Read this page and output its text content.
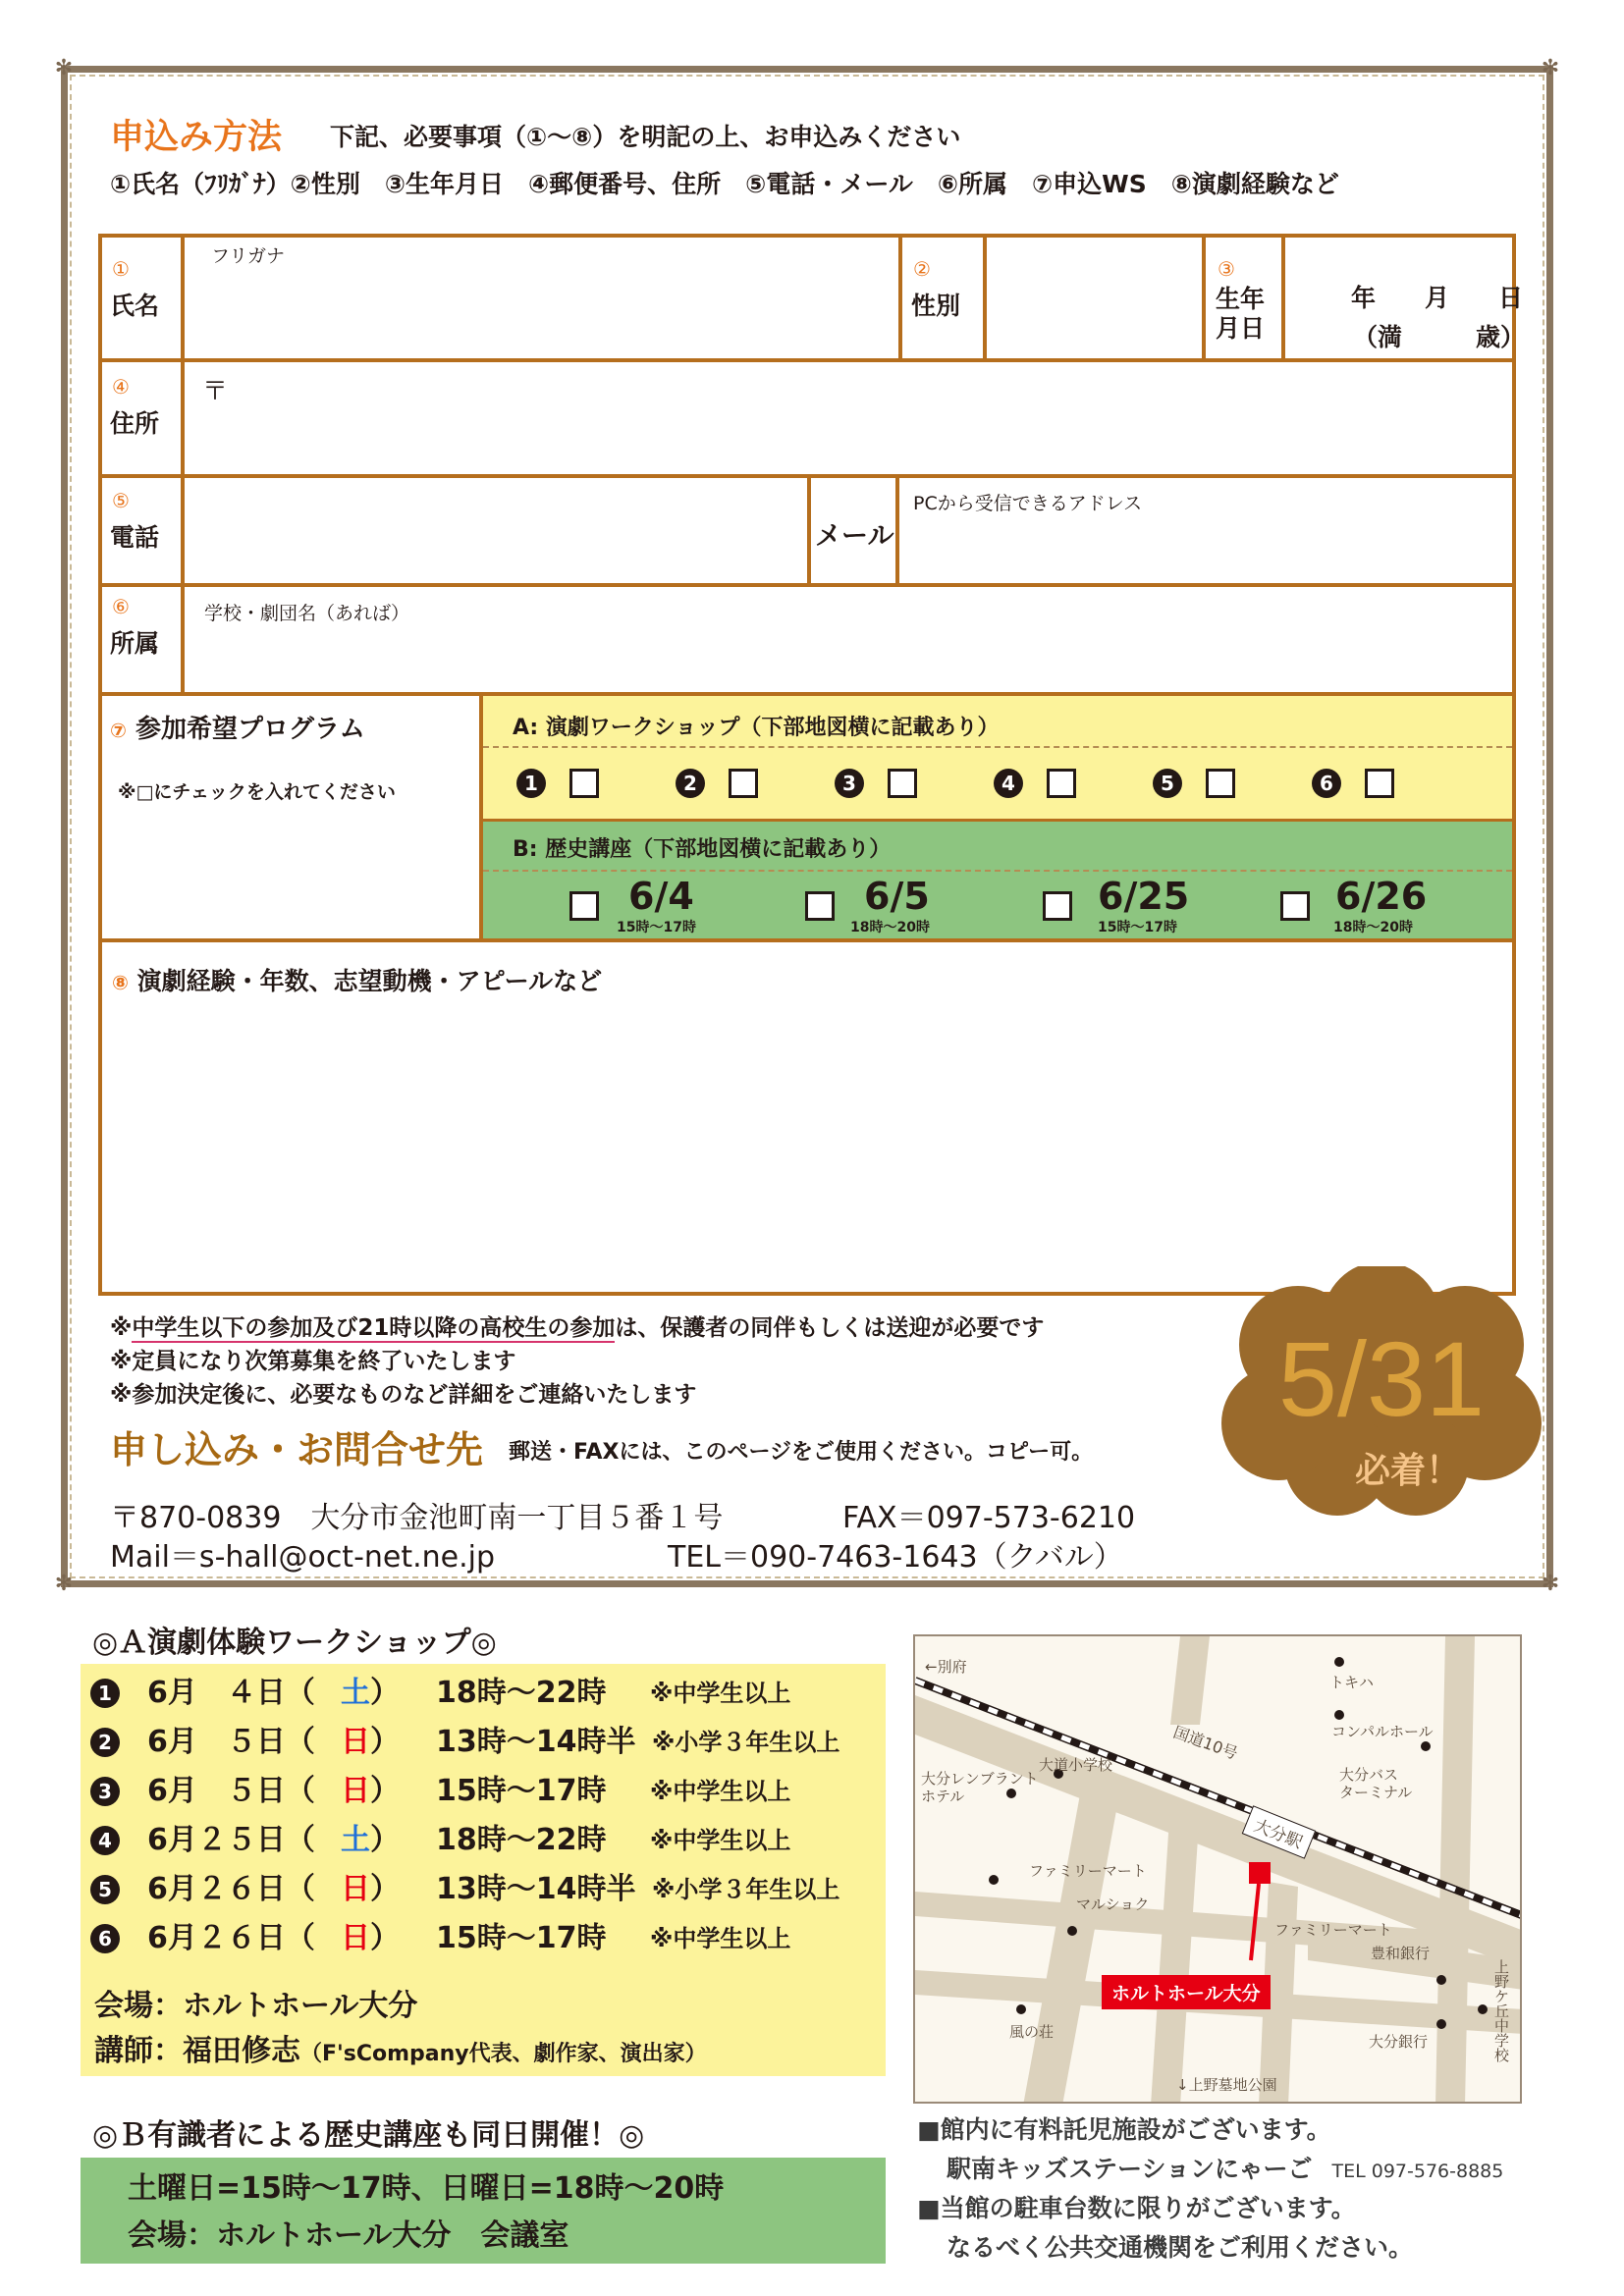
✻	✻
✻	✻
申込み方法 下記、必要事項（①〜⑧）を明記の上、お申込みください
①氏名（ﾌﾘｶﾞﾅ）②性別　③生年月日　④郵便番号、住所　⑤電話・メール　⑥所属　⑦申込WS　⑧演劇経験など
①
氏名
フリガナ
②
性別
③
生年
月日
年　　月　　日
（満　　　歳）
④
住所
〒
⑤
電話	メール
PCから受信できるアドレス
⑥
所属
学校・劇団名（あれば）
⑦ 参加希望プログラム
※□にチェックを入れてください
A: 演劇ワークショップ（下部地図横に記載あり）
B: 歴史講座（下部地図横に記載あり）
1	2	3	4	5	6
6/4
15時〜17時
6/5
18時〜20時
6/25
15時〜17時
6/26
18時〜20時
⑧ 演劇経験・年数、志望動機・アピールなど
※中学生以下の参加及び21時以降の高校生の参加は、保護者の同伴もしくは送迎が必要です
※定員になり次第募集を終了いたします
※参加決定後に、必要なものなど詳細をご連絡いたします	5/31
必着！
申し込み・お問合せ先 郵送・FAXには、このページをご使用ください。コピー可。
〒870-0839　大分市金池町南一丁目５番１号	FAX＝097-573-6210
Mail＝s-hall@oct-net.ne.jp	TEL＝090-7463-1643（クバル）
◎Ａ演劇体験ワークショップ◎
1 6月　４日（ 土 ） 18時〜22時 ※中学生以上
2 6月　５日（ 日 ） 13時〜14時半 ※小学３年生以上
3 6月　５日（ 日 ） 15時〜17時 ※中学生以上
4 6月２５日（ 土 ） 18時〜22時 ※中学生以上
5 6月２６日（ 日 ） 13時〜14時半 ※小学３年生以上
6 6月２６日（ 日 ） 15時〜17時 ※中学生以上
会場：ホルトホール大分
講師：福田修志（F'sCompany代表、劇作家、演出家）
◎Ｂ有識者による歴史講座も同日開催！◎
土曜日=15時〜17時、日曜日=18時〜20時
会場：ホルトホール大分　会議室
←別府
トキハ
コンパルホール
国道10号
大分バス
ターミナル
大分レンブラント
ホテル
大道小学校
大分駅
ファミリーマート
マルショク
ファミリーマート
豊和銀行
ホルトホール大分
風の荘
大分銀行
上野ケ丘中学校
↓上野墓地公園
■館内に有料託児施設がございます。
駅南キッズステーションにゃーご TEL 097-576-8885
■当館の駐車台数に限りがございます。
なるべく公共交通機関をご利用ください。
